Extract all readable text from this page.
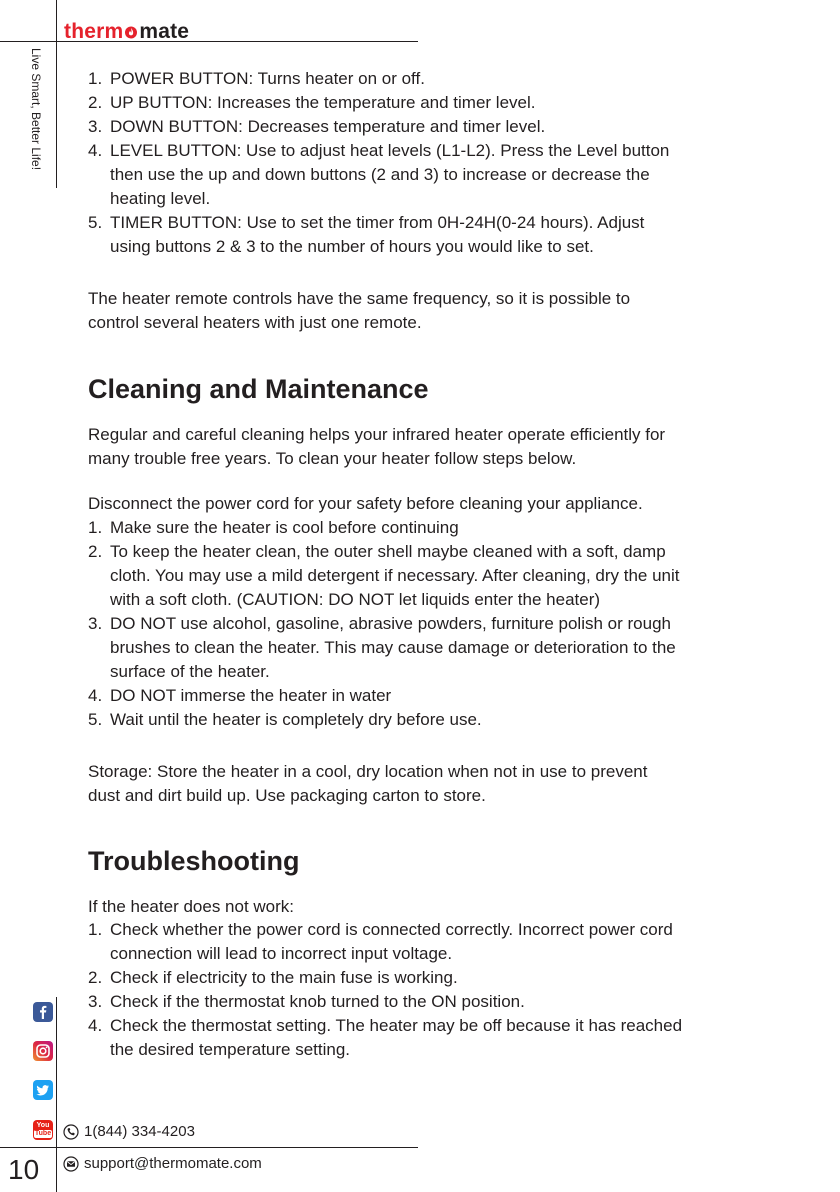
therm mate
Live Smart, Better Life!	1. POWER BUTTON: Turns heater on or off.
2. UP BUTTON: Increases the temperature and timer level.
3. DOWN BUTTON: Decreases temperature and timer level.
4. LEVEL BUTTON: Use to adjust heat levels (L1-L2). Press the Level button
then use the up and down buttons (2 and 3) to increase or decrease the
heating level.
5. TIMER BUTTON: Use to set the timer from 0H-24H(0-24 hours). Adjust
using buttons 2 & 3 to the number of hours you would like to set.
The heater remote controls have the same frequency, so it is possible to
control several heaters with just one remote.
Cleaning and Maintenance
Regular and careful cleaning helps your infrared heater operate efficiently for
many trouble free years. To clean your heater follow steps below.
Disconnect the power cord for your safety before cleaning your appliance.
1. Make sure the heater is cool before continuing
2. To keep the heater clean, the outer shell maybe cleaned with a soft, damp
cloth. You may use a mild detergent if necessary. After cleaning, dry the unit
with a soft cloth. (CAUTION: DO NOT let liquids enter the heater)
3. DO NOT use alcohol, gasoline, abrasive powders, furniture polish or rough
brushes to clean the heater. This may cause damage or deterioration to the
surface of the heater.
4. DO NOT immerse the heater in water
5. Wait until the heater is completely dry before use.
Storage: Store the heater in a cool, dry location when not in use to prevent
dust and dirt build up. Use packaging carton to store.
Troubleshooting
If the heater does not work:
1. Check whether the power cord is connected correctly. Incorrect power cord
connection will lead to incorrect input voltage.
2. Check if electricity to the main fuse is working.
3. Check if the thermostat knob turned to the ON position.
4. Check the thermostat setting. The heater may be off because it has reached
the desired temperature setting.
You
Tube 1(844) 334-4203
support@thermomate.com
10
